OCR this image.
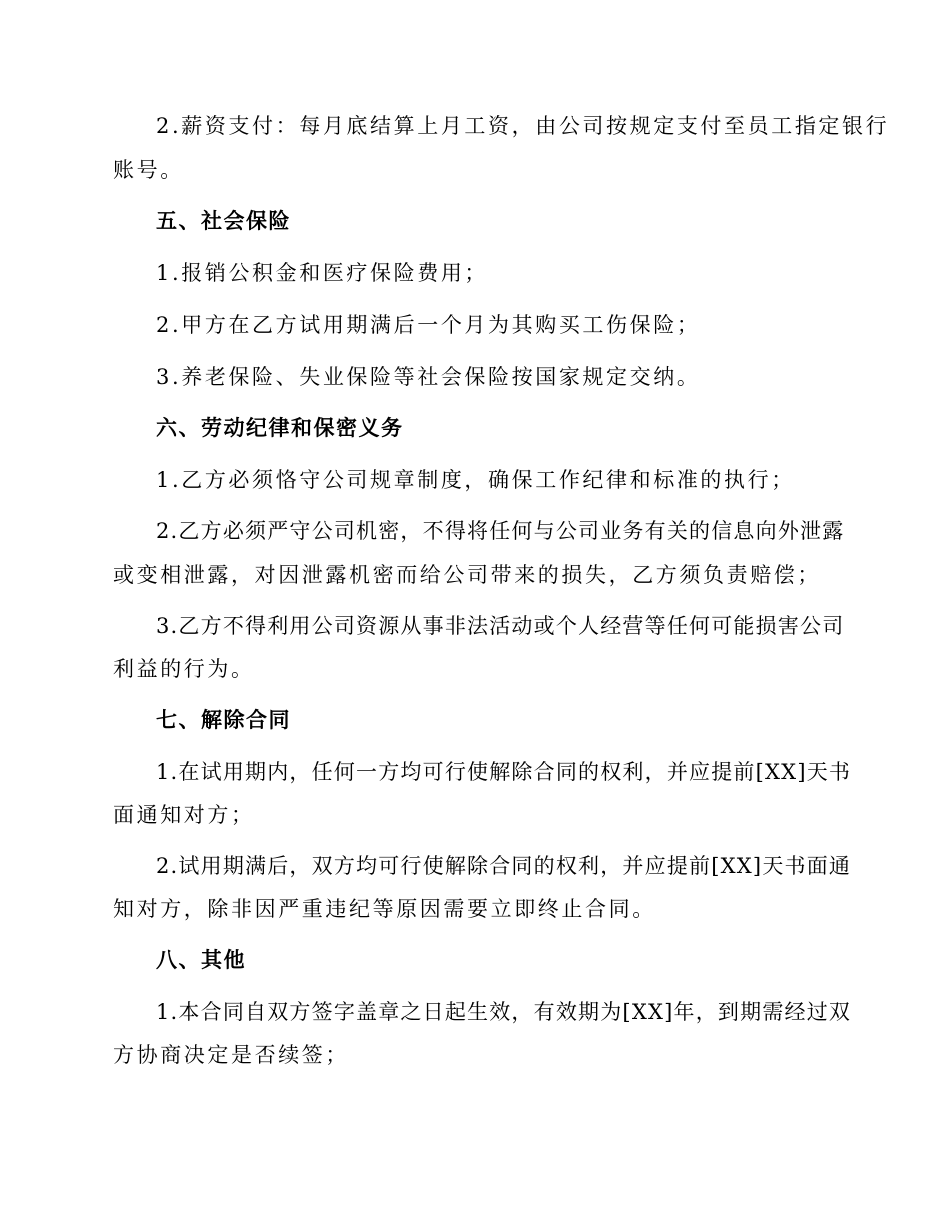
2.薪资支付：每月底结算上月工资，由公司按规定支付至员工指定银行
账号。
五、社会保险
1.报销公积金和医疗保险费用；
2.甲方在乙方试用期满后一个月为其购买工伤保险；
3.养老保险、失业保险等社会保险按国家规定交纳。
六、劳动纪律和保密义务
1.乙方必须恪守公司规章制度，确保工作纪律和标准的执行；
2.乙方必须严守公司机密，不得将任何与公司业务有关的信息向外泄露
或变相泄露，对因泄露机密而给公司带来的损失，乙方须负责赔偿；
3.乙方不得利用公司资源从事非法活动或个人经营等任何可能损害公司
利益的行为。
七、解除合同
1.在试用期内，任何一方均可行使解除合同的权利，并应提前[XX]天书
面通知对方；
2.试用期满后，双方均可行使解除合同的权利，并应提前[XX]天书面通
知对方，除非因严重违纪等原因需要立即终止合同。
八、其他
1.本合同自双方签字盖章之日起生效，有效期为[XX]年，到期需经过双
方协商决定是否续签；
